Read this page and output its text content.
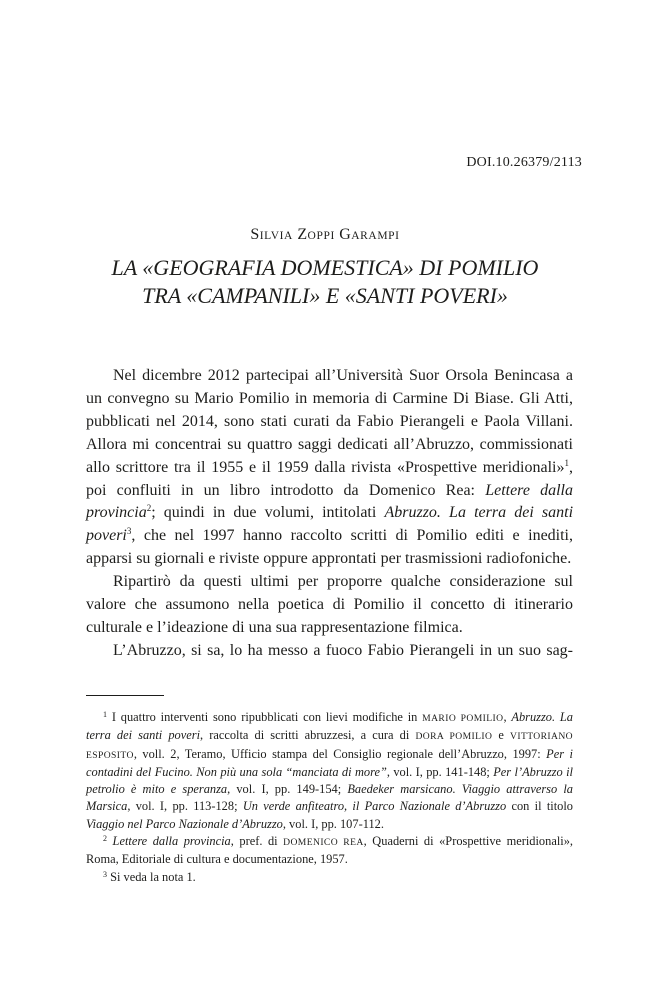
DOI.10.26379/2113
SILVIA ZOPPI GARAMPI
LA «GEOGRAFIA DOMESTICA» DI POMILIO
TRA «CAMPANILI» E «SANTI POVERI»

Nel dicembre 2012 partecipai all’Università Suor Orsola Benincasa a un convegno su Mario Pomilio in memoria di Carmine Di Biase. Gli Atti, pubblicati nel 2014, sono stati curati da Fabio Pierangeli e Paola Villani. Allora mi concentrai su quattro saggi dedicati all’Abruzzo, commissionati allo scrittore tra il 1955 e il 1959 dalla rivista «Prospettive meridionali»$^1$, poi confluiti in un libro introdotto da Domenico Rea: Lettere dalla provincia$^2$; quindi in due volumi, intitolati Abruzzo. La terra dei santi poveri$^3$, che nel 1997 hanno raccolto scritti di Pomilio editi e inediti, apparsi su giornali e riviste oppure approntati per trasmissioni radiofoniche.

Ripartirò da questi ultimi per proporre qualche considerazione sul valore che assumono nella poetica di Pomilio il concetto di itinerario culturale e l’ideazione di una sua rappresentazione filmica.

L’Abruzzo, si sa, lo ha messo a fuoco Fabio Pierangeli in un suo sag-

$^1$ I quattro interventi sono ripubblicati con lievi modifiche in MARIO POMILIO, Abruzzo. La terra dei santi poveri, raccolta di scritti abruzzesi, a cura di DORA POMILIO e VITTORIANO ESPOSITO, voll. 2, Teramo, Ufficio stampa del Consiglio regionale dell’Abruzzo, 1997: Per i contadini del Fucino. Non più una sola “manciata di more”, vol. I, pp. 141-148; Per l’Abruzzo il petrolio è mito e speranza, vol. I, pp. 149-154; Baedeker marsicano. Viaggio attraverso la Marsica, vol. I, pp. 113-128; Un verde anfiteatro, il Parco Nazionale d’Abruzzo con il titolo Viaggio nel Parco Nazionale d’Abruzzo, vol. I, pp. 107-112.

$^2$ Lettere dalla provincia, pref. di DOMENICO REA, Quaderni di «Prospettive meridionali», Roma, Editoriale di cultura e documentazione, 1957.

$^3$ Si veda la nota 1.
